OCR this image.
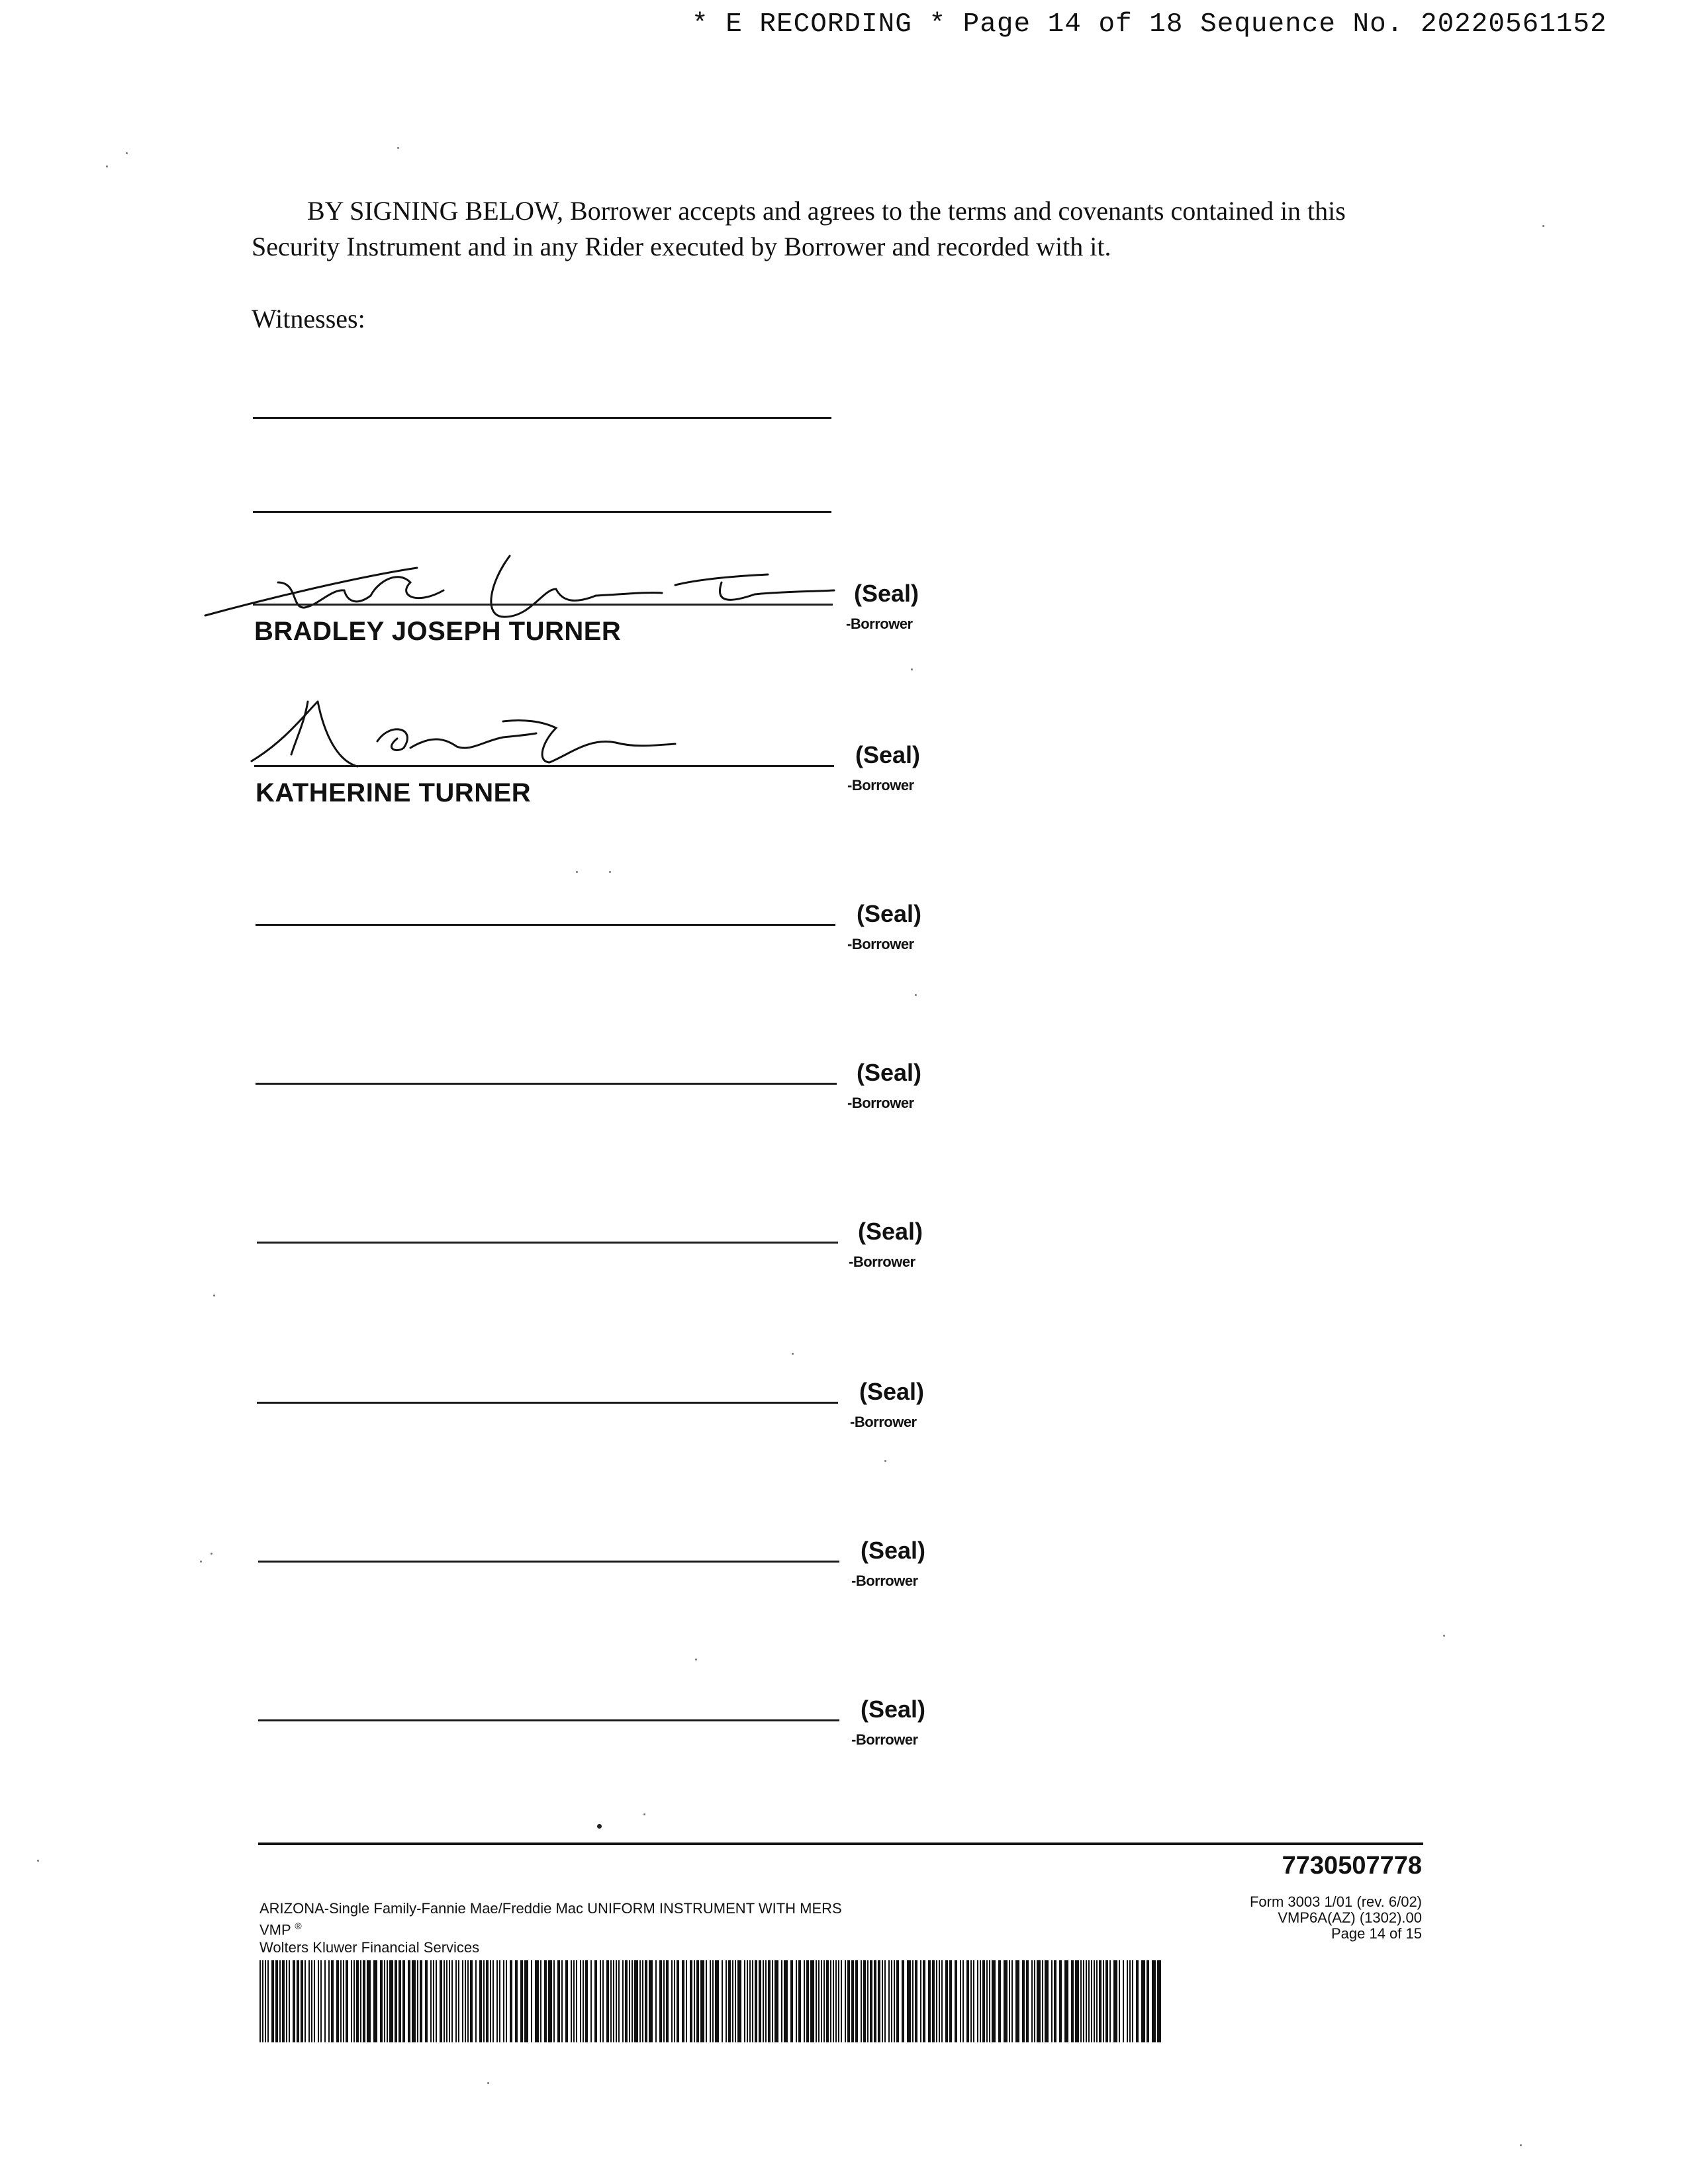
* E RECORDING * Page 14 of 18 Sequence No. 20220561152
BY SIGNING BELOW, Borrower accepts and agrees to the terms and covenants contained in this Security Instrument and in any Rider executed by Borrower and recorded with it.
Witnesses:
(Seal)
-Borrower
BRADLEY JOSEPH TURNER
(Seal)
-Borrower
KATHERINE TURNER
(Seal)
-Borrower
(Seal)
-Borrower
(Seal)
-Borrower
(Seal)
-Borrower
(Seal)
-Borrower
(Seal)
-Borrower
7730507778
ARIZONA-Single Family-Fannie Mae/Freddie Mac UNIFORM INSTRUMENT WITH MERS
VMP ®
Wolters Kluwer Financial Services
Form 3003 1/01 (rev. 6/02)
VMP6A(AZ) (1302).00
Page 14 of 15
